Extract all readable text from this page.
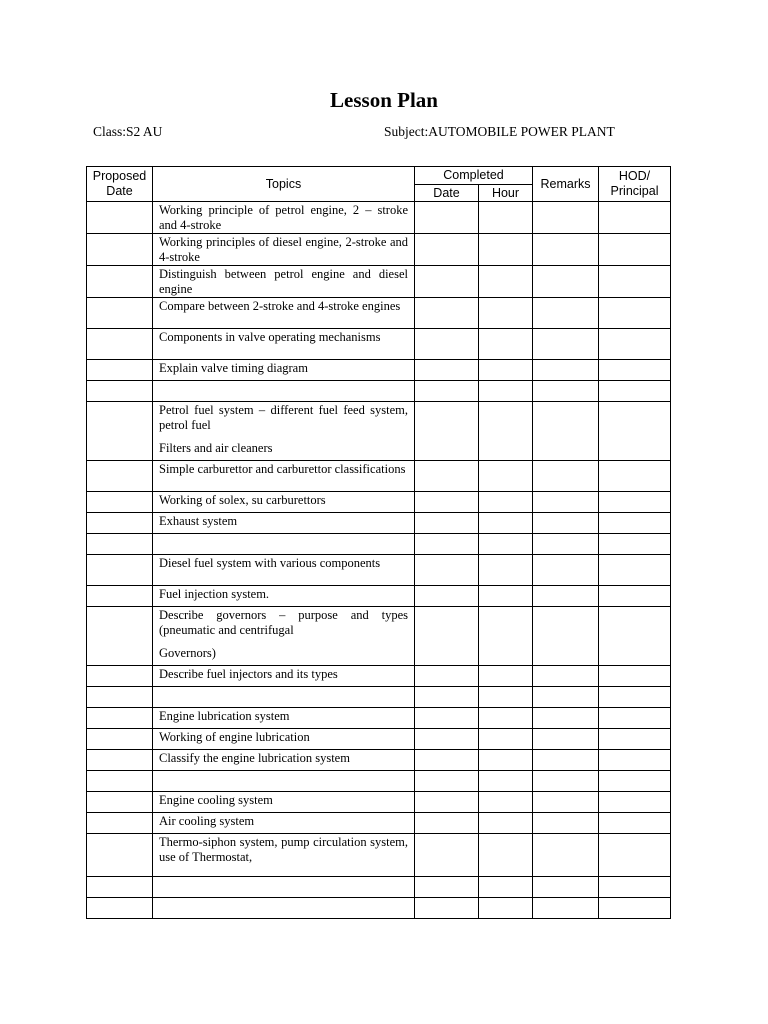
Lesson Plan
Class:S2 AU	Subject:AUTOMOBILE POWER PLANT
Proposed Date	Topics	Completed		Remarks	HOD/ Principal
		Date	Hour		

	Working principle of petrol engine, 2 – stroke and 4-stroke				

	Working principles of diesel engine, 2-stroke and 4-stroke				

	Distinguish between petrol engine and diesel engine				

	Compare between 2-stroke and 4-stroke engines				

	Components in valve operating mechanisms				

	Explain valve timing diagram				

	Petrol fuel system – different fuel feed system, petrol fuel
Filters and air cleaners				

	Simple carburettor and carburettor classifications				

	Working of solex, su carburettors				

	Exhaust system				

	Diesel fuel system with various components				

	Fuel injection system.				

	Describe governors – purpose and types (pneumatic and centrifugal
Governors)				

	Describe fuel injectors and its types				

	Engine lubrication system				

	Working of engine lubrication				

	Classify the engine lubrication system				

	Engine cooling system				

	Air cooling system				

	Thermo-siphon system, pump circulation system, use of Thermostat,				
